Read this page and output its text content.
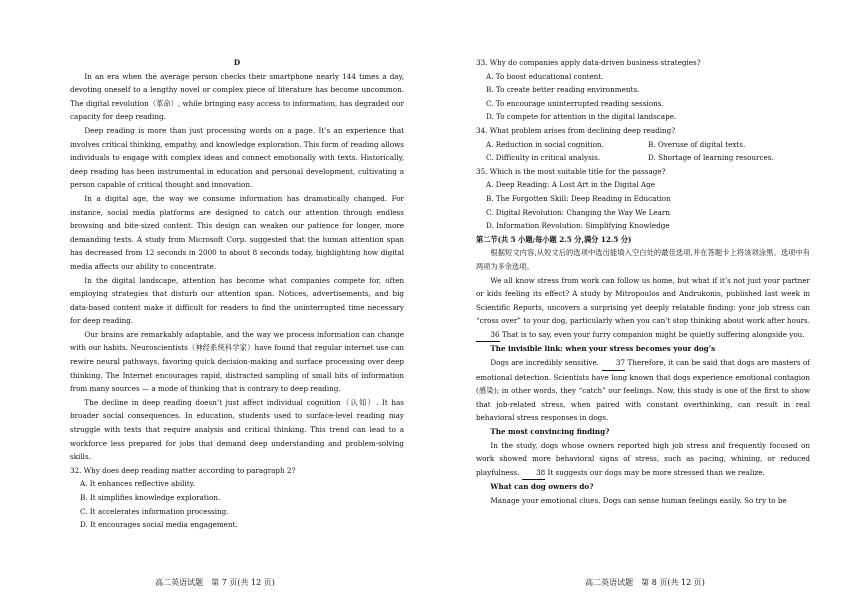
D
In an era when the average person checks their smartphone nearly 144 times a day, devoting oneself to a lengthy novel or complex piece of literature has become uncommon. The digital revolution（革命）, while bringing easy access to information, has degraded our capacity for deep reading.
Deep reading is more than just processing words on a page. It’s an experience that involves critical thinking, empathy, and knowledge exploration. This form of reading allows individuals to engage with complex ideas and connect emotionally with texts. Historically, deep reading has been instrumental in education and personal development, cultivating a person capable of critical thought and innovation.
In a digital age, the way we consume information has dramatically changed. For instance, social media platforms are designed to catch our attention through endless browsing and bite-sized content. This design can weaken our patience for longer, more demanding texts. A study from Microsoft Corp. suggested that the human attention span has decreased from 12 seconds in 2000 to about 8 seconds today, highlighting how digital media affects our ability to concentrate.
In the digital landscape, attention has become what companies compete for, often employing strategies that disturb our attention span. Notices, advertisements, and big data-based content make it difficult for readers to find the uninterrupted time necessary for deep reading.
Our brains are remarkably adaptable, and the way we process information can change with our habits. Neuroscientists（神经系统科学家）have found that regular internet use can rewire neural pathways, favoring quick decision-making and surface processing over deep thinking. The Internet encourages rapid, distracted sampling of small bits of information from many sources — a mode of thinking that is contrary to deep reading.
The decline in deep reading doesn’t just affect individual cognition（认知）. It has broader social consequences. In education, students used to surface-level reading may struggle with texts that require analysis and critical thinking. This trend can lead to a workforce less prepared for jobs that demand deep understanding and problem-solving skills.
32. Why does deep reading matter according to paragraph 2?
A. It enhances reflective ability.
B. It simplifies knowledge exploration.
C. It accelerates information processing.
D. It encourages social media engagement.
高二英语试题　第 7 页(共 12 页)
33. Why do companies apply data-driven business strategies?
A. To boost educational content.
B. To create better reading environments.
C. To encourage uninterrupted reading sessions.
D. To compete for attention in the digital landscape.
34. What problem arises from declining deep reading?
A. Reduction in social cognition.	B. Overuse of digital texts.
C. Difficulty in critical analysis.	D. Shortage of learning resources.
35. Which is the most suitable title for the passage?
A. Deep Reading: A Lost Art in the Digital Age
B. The Forgotten Skill: Deep Reading in Education
C. Digital Revolution: Changing the Way We Learn
D. Information Revolution: Simplifying Knowledge
第二节(共 5 小题;每小题 2.5 分,满分 12.5 分)
根据短文内容,从短文后的选项中选出能填入空白处的最佳选项,并在答题卡上将该项涂黑。选项中有两项为多余选项。
We all know stress from work can follow us home, but what if it’s not just your partner or kids feeling its effect? A study by Mitropoulos and Andrukonis, published last week in Scientific Reports, uncovers a surprising yet deeply relatable finding: your job stress can “cross over” to your dog, particularly when you can’t stop thinking about work after hours. 36 That is to say, even your furry companion might be quietly suffering alongside you.
The invisible link: when your stress becomes your dog’s
Dogs are incredibly sensitive. 37 Therefore, it can be said that dogs are masters of emotional detection. Scientists have long known that dogs experience emotional contagion (感染); in other words, they “catch” our feelings. Now, this study is one of the first to show that job-related stress, when paired with constant overthinking, can result in real behavioral stress responses in dogs.
The most convincing finding?
In the study, dogs whose owners reported high job stress and frequently focused on work showed more behavioral signs of stress, such as pacing, whining, or reduced playfulness. 38 It suggests our dogs may be more stressed than we realize.
What can dog owners do?
Manage your emotional clues. Dogs can sense human feelings easily. So try to be
高二英语试题　第 8 页(共 12 页)
